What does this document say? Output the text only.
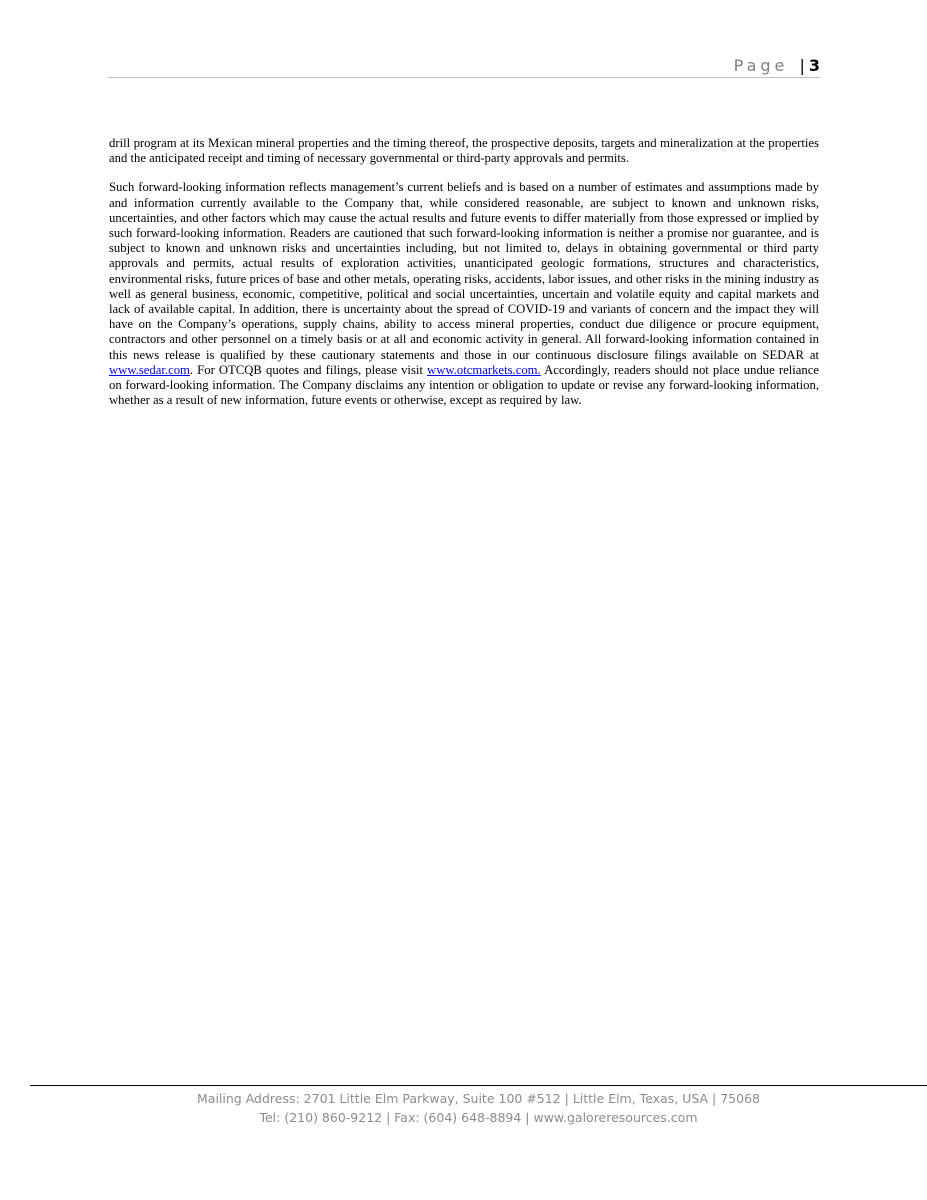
Page | 3

drill program at its Mexican mineral properties and the timing thereof, the prospective deposits, targets and mineralization at the properties and the anticipated receipt and timing of necessary governmental or third-party approvals and permits.

Such forward-looking information reflects management’s current beliefs and is based on a number of estimates and assumptions made by and information currently available to the Company that, while considered reasonable, are subject to known and unknown risks, uncertainties, and other factors which may cause the actual results and future events to differ materially from those expressed or implied by such forward-looking information. Readers are cautioned that such forward-looking information is neither a promise nor guarantee, and is subject to known and unknown risks and uncertainties including, but not limited to, delays in obtaining governmental or third party approvals and permits, actual results of exploration activities, unanticipated geologic formations, structures and characteristics, environmental risks, future prices of base and other metals, operating risks, accidents, labor issues, and other risks in the mining industry as well as general business, economic, competitive, political and social uncertainties, uncertain and volatile equity and capital markets and lack of available capital. In addition, there is uncertainty about the spread of COVID-19 and variants of concern and the impact they will have on the Company’s operations, supply chains, ability to access mineral properties, conduct due diligence or procure equipment, contractors and other personnel on a timely basis or at all and economic activity in general. All forward-looking information contained in this news release is qualified by these cautionary statements and those in our continuous disclosure filings available on SEDAR at www.sedar.com. For OTCQB quotes and filings, please visit www.otcmarkets.com. Accordingly, readers should not place undue reliance on forward-looking information. The Company disclaims any intention or obligation to update or revise any forward-looking information, whether as a result of new information, future events or otherwise, except as required by law.

Mailing Address: 2701 Little Elm Parkway, Suite 100 #512 | Little Elm, Texas, USA | 75068
Tel: (210) 860-9212 | Fax: (604) 648-8894 | www.galoreresources.com
